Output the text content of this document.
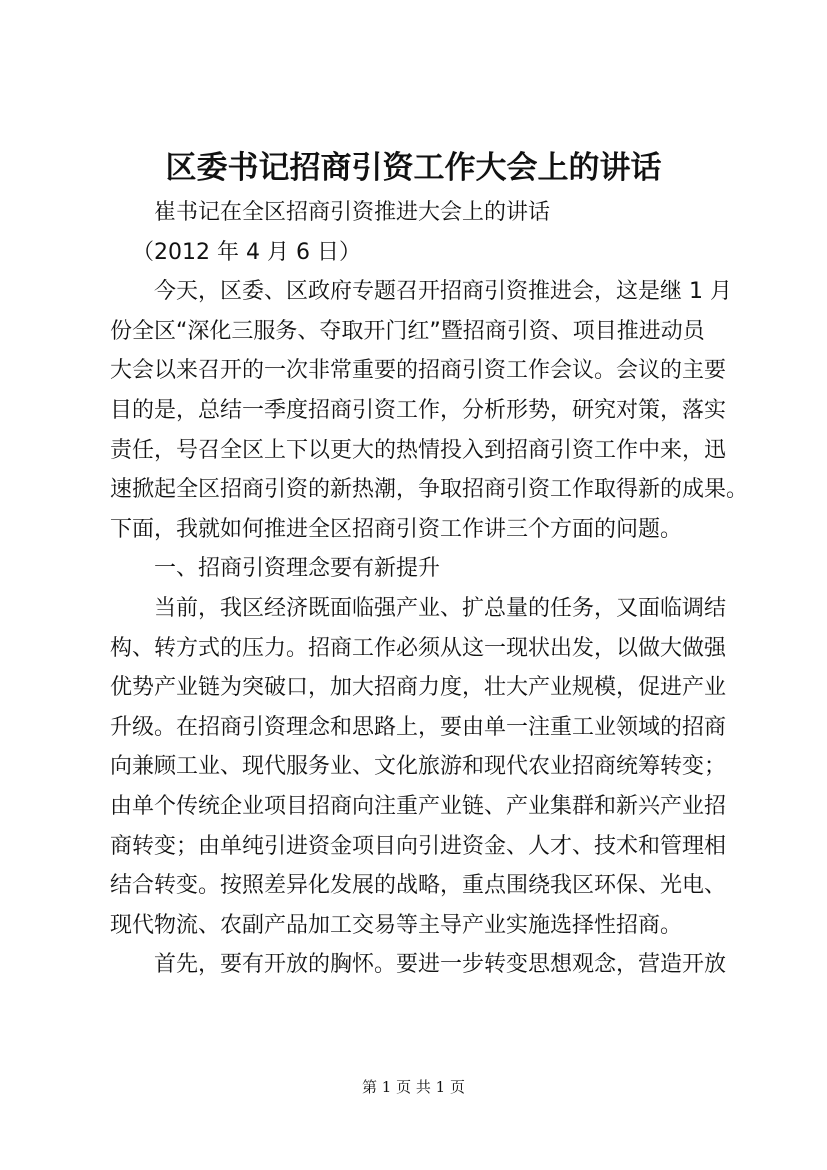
区委书记招商引资工作大会上的讲话
崔书记在全区招商引资推进大会上的讲话
（2012 年 4 月 6 日）
今天，区委、区政府专题召开招商引资推进会，这是继 1 月
份全区“深化三服务、夺取开门红”暨招商引资、项目推进动员
大会以来召开的一次非常重要的招商引资工作会议。会议的主要
目的是，总结一季度招商引资工作，分析形势，研究对策，落实
责任，号召全区上下以更大的热情投入到招商引资工作中来，迅
速掀起全区招商引资的新热潮，争取招商引资工作取得新的成果。
下面，我就如何推进全区招商引资工作讲三个方面的问题。
一、招商引资理念要有新提升
当前，我区经济既面临强产业、扩总量的任务，又面临调结
构、转方式的压力。招商工作必须从这一现状出发，以做大做强
优势产业链为突破口，加大招商力度，壮大产业规模，促进产业
升级。在招商引资理念和思路上，要由单一注重工业领域的招商
向兼顾工业、现代服务业、文化旅游和现代农业招商统筹转变；
由单个传统企业项目招商向注重产业链、产业集群和新兴产业招
商转变；由单纯引进资金项目向引进资金、人才、技术和管理相
结合转变。按照差异化发展的战略，重点围绕我区环保、光电、
现代物流、农副产品加工交易等主导产业实施选择性招商。
首先，要有开放的胸怀。要进一步转变思想观念，营造开放
第 1 页 共 1 页
